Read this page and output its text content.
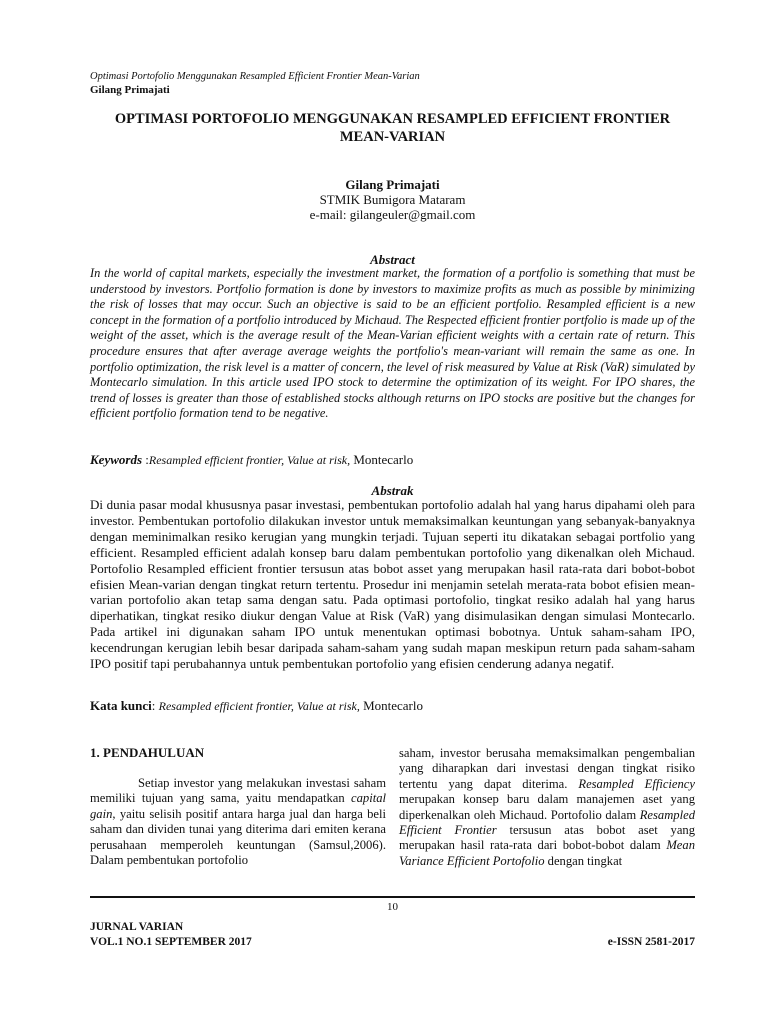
Optimasi Portofolio Menggunakan Resampled Efficient Frontier Mean-Varian
Gilang Primajati
OPTIMASI PORTOFOLIO MENGGUNAKAN RESAMPLED EFFICIENT FRONTIER
MEAN-VARIAN
Gilang Primajati
STMIK Bumigora Mataram
e-mail: gilangeuler@gmail.com
Abstract
In the world of capital markets, especially the investment market, the formation of a portfolio is something that must be understood by investors. Portfolio formation is done by investors to maximize profits as much as possible by minimizing the risk of losses that may occur. Such an objective is said to be an efficient portfolio. Resampled efficient is a new concept in the formation of a portfolio introduced by Michaud. The Respected efficient frontier portfolio is made up of the weight of the asset, which is the average result of the Mean-Varian efficient weights with a certain rate of return. This procedure ensures that after average average weights the portfolio's mean-variant will remain the same as one. In portfolio optimization, the risk level is a matter of concern, the level of risk measured by Value at Risk (VaR) simulated by Montecarlo simulation. In this article used IPO stock to determine the optimization of its weight. For IPO shares, the trend of losses is greater than those of established stocks although returns on IPO stocks are positive but the changes for efficient portfolio formation tend to be negative.
Keywords :Resampled efficient frontier, Value at risk, Montecarlo
Abstrak
Di dunia pasar modal khususnya pasar investasi, pembentukan portofolio adalah hal yang harus dipahami oleh para investor. Pembentukan portofolio dilakukan investor untuk memaksimalkan keuntungan yang sebanyak-banyaknya dengan meminimalkan resiko kerugian yang mungkin terjadi. Tujuan seperti itu dikatakan sebagai portfolio yang efficient. Resampled efficient adalah konsep baru dalam pembentukan portofolio yang dikenalkan oleh Michaud. Portofolio Resampled efficient frontier tersusun atas bobot asset yang merupakan hasil rata-rata dari bobot-bobot efisien Mean-varian dengan tingkat return tertentu. Prosedur ini menjamin setelah merata-rata bobot efisien mean-varian portofolio akan tetap sama dengan satu. Pada optimasi portofolio, tingkat resiko adalah hal yang harus diperhatikan, tingkat resiko diukur dengan Value at Risk (VaR) yang disimulasikan dengan simulasi Montecarlo. Pada artikel ini digunakan saham IPO untuk menentukan optimasi bobotnya. Untuk saham-saham IPO, kecendrungan kerugian lebih besar daripada saham-saham yang sudah mapan meskipun return pada saham-saham IPO positif tapi perubahannya untuk pembentukan portofolio yang efisien cenderung adanya negatif.
Kata kunci: Resampled efficient frontier, Value at risk, Montecarlo
1. PENDAHULUAN
Setiap investor yang melakukan investasi saham memiliki tujuan yang sama, yaitu mendapatkan capital gain, yaitu selisih positif antara harga jual dan harga beli saham dan dividen tunai yang diterima dari emiten kerana perusahaan memperoleh keuntungan (Samsul,2006). Dalam pembentukan portofolio
saham, investor berusaha memaksimalkan pengembalian yang diharapkan dari investasi dengan tingkat risiko tertentu yang dapat diterima. Resampled Efficiency merupakan konsep baru dalam manajemen aset yang diperkenalkan oleh Michaud. Portofolio dalam Resampled Efficient Frontier tersusun atas bobot aset yang merupakan hasil rata-rata dari bobot-bobot dalam Mean Variance Efficient Portofolio dengan tingkat
10
JURNAL VARIAN
VOL.1 NO.1 SEPTEMBER 2017	e-ISSN 2581-2017
